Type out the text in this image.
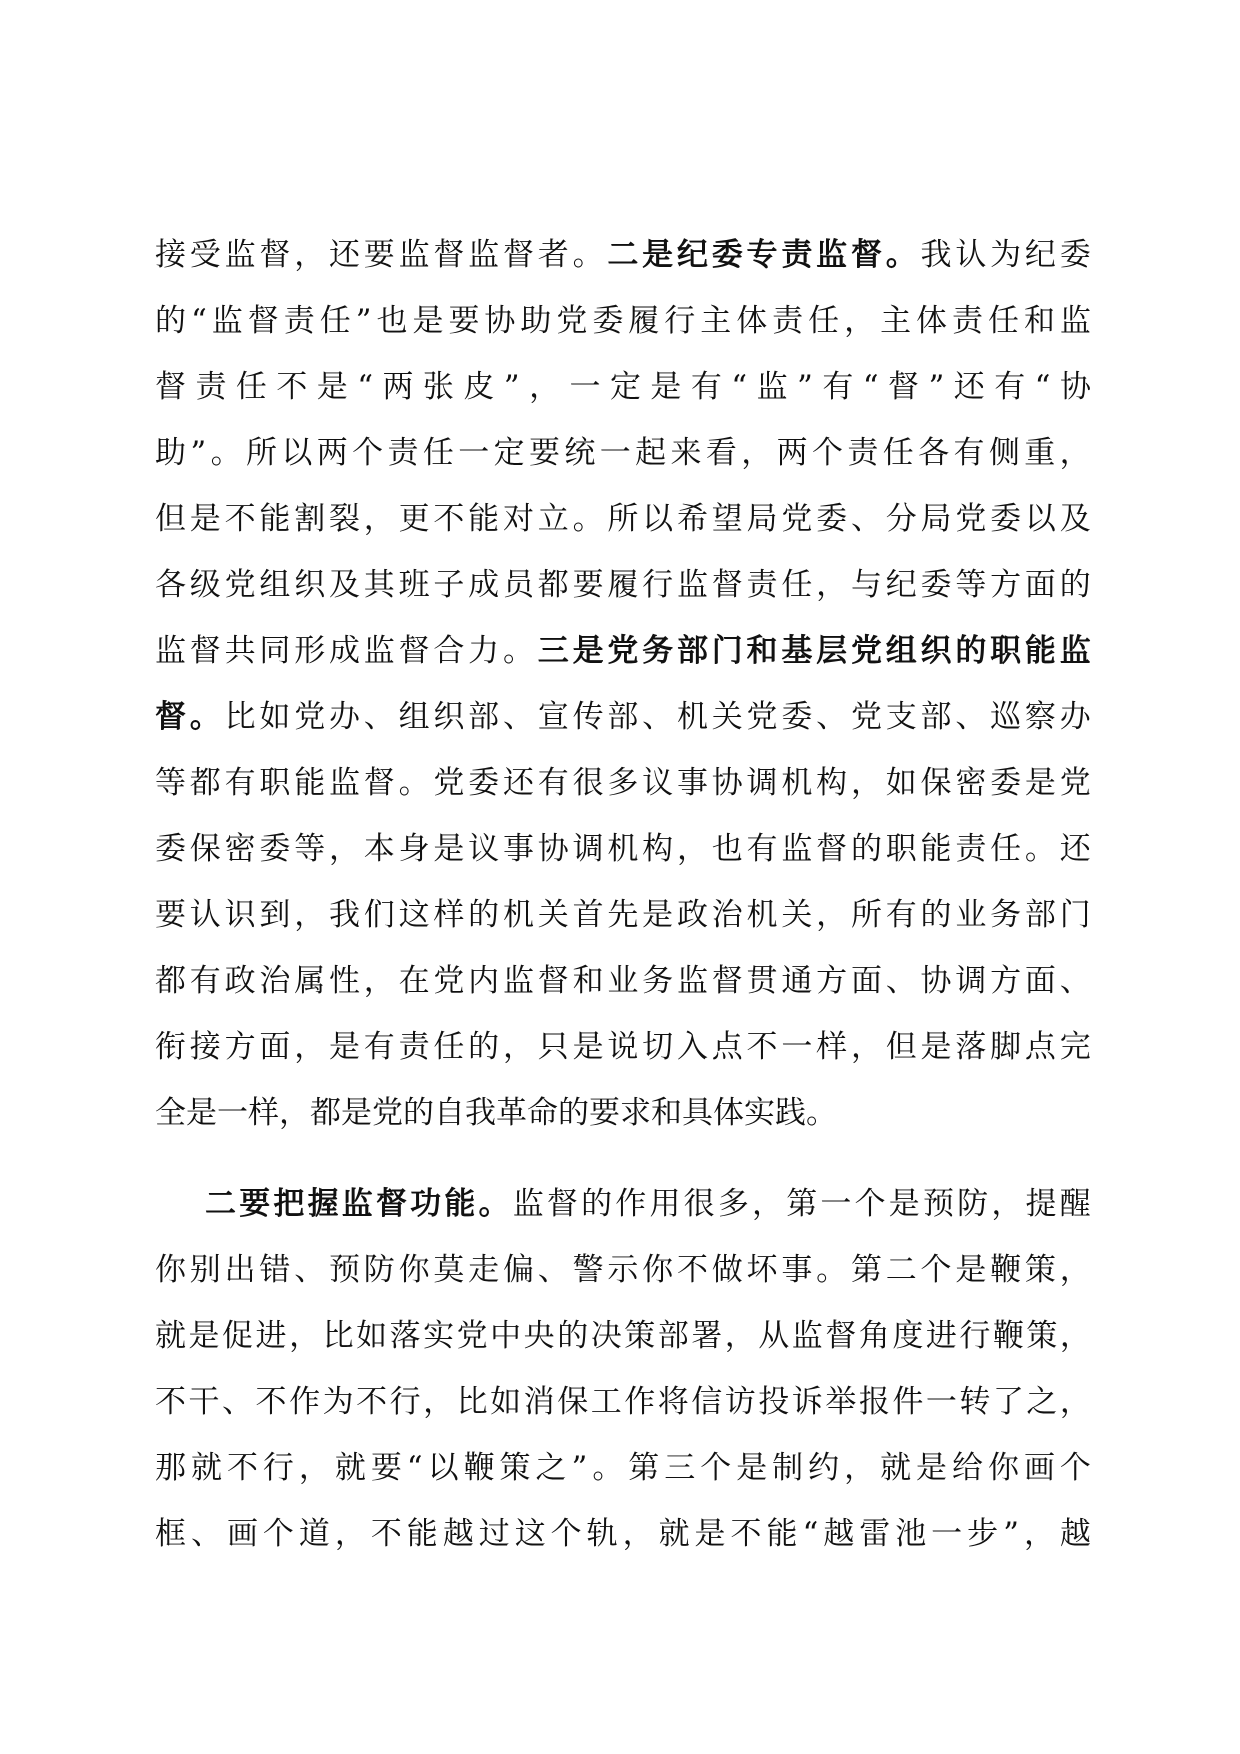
接 受 监 督 ， 还 要 监 督 监 督 者 。 二 是 纪 委 专 责 监 督 。 我 认 为 纪 委
的 “ 监 督 责 任 ” 也 是 要 协 助 党 委 履 行 主 体 责 任 ， 主 体 责 任 和 监
督 责 任 不 是 “ 两 张 皮 ” ， 一 定 是 有 “ 监 ” 有 “ 督 ” 还 有 “ 协
助 ” 。 所 以 两 个 责 任 一 定 要 统 一 起 来 看 ， 两 个 责 任 各 有 侧 重 ，
但 是 不 能 割 裂 ， 更 不 能 对 立 。 所 以 希 望 局 党 委 、 分 局 党 委 以 及
各 级 党 组 织 及 其 班 子 成 员 都 要 履 行 监 督 责 任 ， 与 纪 委 等 方 面 的
监 督 共 同 形 成 监 督 合 力 。 三 是 党 务 部 门 和 基 层 党 组 织 的 职 能 监
督 。 比 如 党 办 、 组 织 部 、 宣 传 部 、 机 关 党 委 、 党 支 部 、 巡 察 办
等 都 有 职 能 监 督 。 党 委 还 有 很 多 议 事 协 调 机 构 ， 如 保 密 委 是 党
委 保 密 委 等 ， 本 身 是 议 事 协 调 机 构 ， 也 有 监 督 的 职 能 责 任 。 还
要 认 识 到 ， 我 们 这 样 的 机 关 首 先 是 政 治 机 关 ， 所 有 的 业 务 部 门
都 有 政 治 属 性 ， 在 党 内 监 督 和 业 务 监 督 贯 通 方 面 、 协 调 方 面 、
衔 接 方 面 ， 是 有 责 任 的 ， 只 是 说 切 入 点 不 一 样 ， 但 是 落 脚 点 完
全是一样，都是党的自我革命的要求和具体实践。
二 要 把 握 监 督 功 能 。 监 督 的 作 用 很 多 ， 第 一 个 是 预 防 ， 提 醒
你 别 出 错 、 预 防 你 莫 走 偏 、 警 示 你 不 做 坏 事 。 第 二 个 是 鞭 策 ，
就 是 促 进 ， 比 如 落 实 党 中 央 的 决 策 部 署 ， 从 监 督 角 度 进 行 鞭 策 ，
不 干 、 不 作 为 不 行 ， 比 如 消 保 工 作 将 信 访 投 诉 举 报 件 一 转 了 之 ，
那 就 不 行 ， 就 要 “ 以 鞭 策 之 ” 。 第 三 个 是 制 约 ， 就 是 给 你 画 个
框 、 画 个 道 ， 不 能 越 过 这 个 轨 ， 就 是 不 能 “ 越 雷 池 一 步 ” ， 越
